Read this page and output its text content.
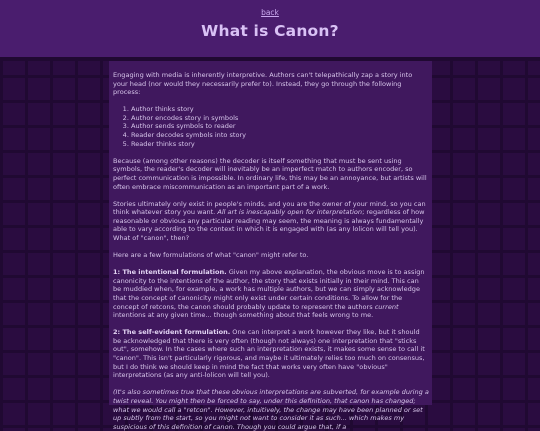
back
What is Canon?

Engaging with media is inherently interpretive. Authors can't telepathically zap a story into your head (nor would they necessarily prefer to). Instead, they go through the following process:

1. Author thinks story
2. Author encodes story in symbols
3. Author sends symbols to reader
4. Reader decodes symbols into story
5. Reader thinks story

Because (among other reasons) the decoder is itself something that must be sent using symbols, the reader's decoder will inevitably be an imperfect match to authors encoder, so perfect communication is impossible. In ordinary life, this may be an annoyance, but artists will often embrace miscommunication as an important part of a work.

Stories ultimately only exist in people's minds, and you are the owner of your mind, so you can think whatever story you want. All art is inescapably open for interpretation; regardless of how reasonable or obvious any particular reading may seem, the meaning is always fundamentally able to vary according to the context in which it is engaged with (as any lolicon will tell you). What of "canon", then?

Here are a few formulations of what "canon" might refer to.

1: The intentional formulation. Given my above explanation, the obvious move is to assign canonicity to the intentions of the author, the story that exists initially in their mind. This can be muddied when, for example, a work has multiple authors, but we can simply acknowledge that the concept of canonicity might only exist under certain conditions. To allow for the concept of retcons, the canon should probably update to represent the authors current intentions at any given time... though something about that feels wrong to me.

2: The self-evident formulation. One can interpret a work however they like, but it should be acknowledged that there is very often (though not always) one interpretation that "sticks out", somehow. In the cases where such an interpretation exists, it makes some sense to call it "canon". This isn't particularly rigorous, and maybe it ultimately relies too much on consensus, but I do think we should keep in mind the fact that works very often have "obvious" interpretations (as any anti-lolicon will tell you).

(It's also sometimes true that these obvious interpretations are subverted, for example during a twist reveal. You might then be forced to say, under this definition, that canon has changed; what we would call a "retcon". However, intuitively, the change may have been planned or set up subtly from the start, so you might not want to consider it as such... which makes my suspicious of this definition of canon. Though you could argue that, if a
